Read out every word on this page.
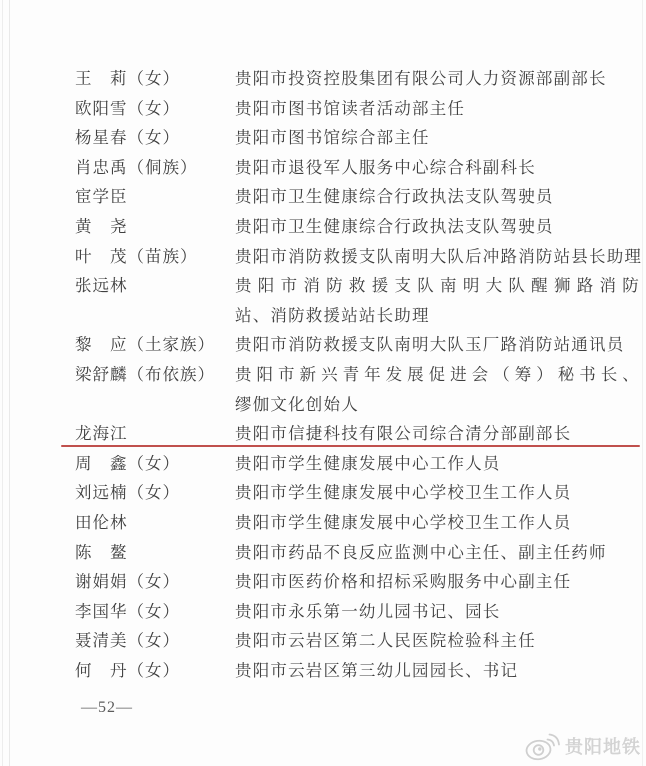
王　莉（女）	贵阳市投资控股集团有限公司人力资源部副部长
欧阳雪（女）	贵阳市图书馆读者活动部主任
杨星春（女）	贵阳市图书馆综合部主任
肖忠禹（侗族）	贵阳市退役军人服务中心综合科副科长
宦学臣	贵阳市卫生健康综合行政执法支队驾驶员
黄　尧	贵阳市卫生健康综合行政执法支队驾驶员
叶　茂（苗族）	贵阳市消防救援支队南明大队后冲路消防站县长助理
张远林	贵阳市消防救援支队南明大队醒狮路消防
站、消防救援站站长助理
黎　应（土家族）	贵阳市消防救援支队南明大队玉厂路消防站通讯员
梁舒麟（布依族）	贵阳市新兴青年发展促进会（筹）秘书长、
缪伽文化创始人
龙海江	贵阳市信捷科技有限公司综合清分部副部长
周　鑫（女）	贵阳市学生健康发展中心工作人员
刘远楠（女）	贵阳市学生健康发展中心学校卫生工作人员
田伦林	贵阳市学生健康发展中心学校卫生工作人员
陈　鳌	贵阳市药品不良反应监测中心主任、副主任药师
谢娟娟（女）	贵阳市医药价格和招标采购服务中心副主任
李国华（女）	贵阳市永乐第一幼儿园书记、园长
聂清美（女）	贵阳市云岩区第二人民医院检验科主任
何　丹（女）	贵阳市云岩区第三幼儿园园长、书记
—52—
贵阳地铁
